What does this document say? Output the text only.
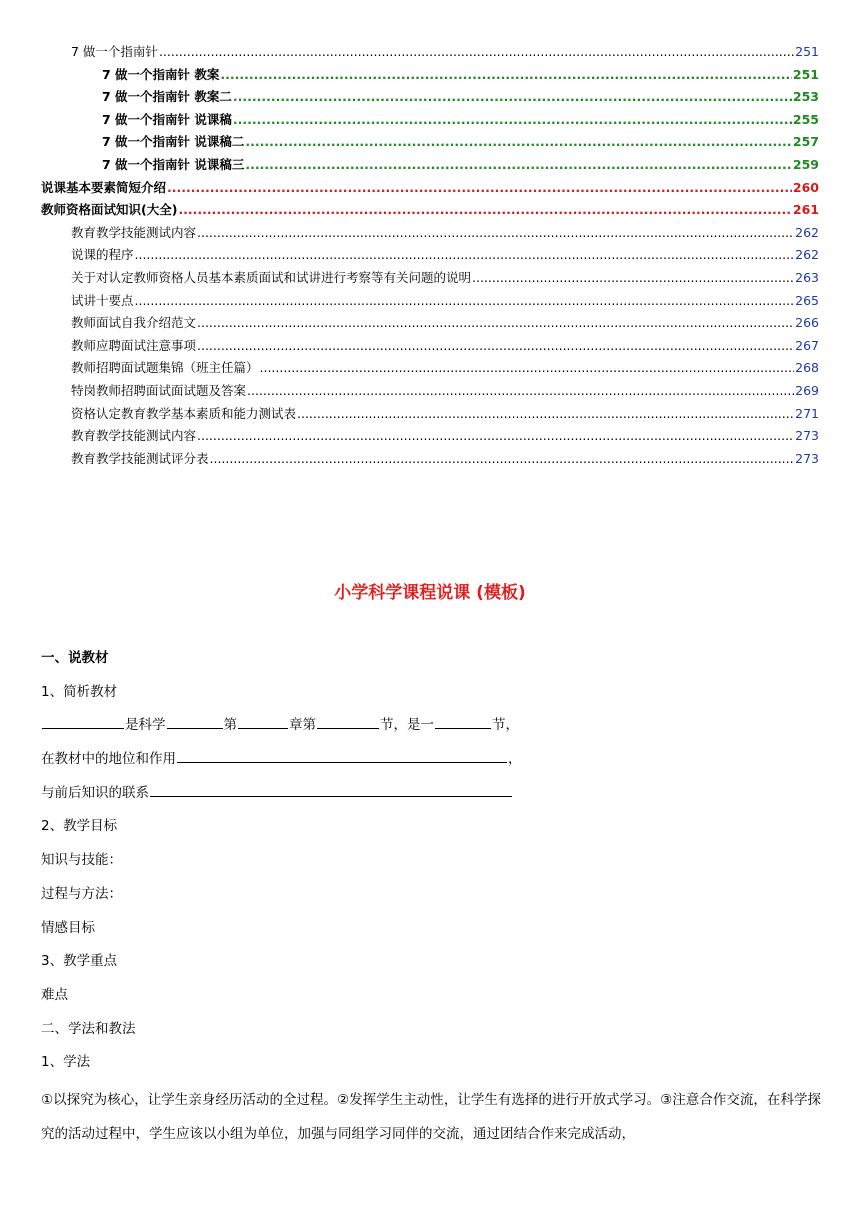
7 做一个指南针 .....	251
7 做一个指南针 教案 .....	251
7 做一个指南针 教案二 .....	253
7 做一个指南针 说课稿 .....	255
7 做一个指南针 说课稿二 .....	257
7 做一个指南针 说课稿三 .....	259
说课基本要素简短介绍 .....	260
教师资格面试知识(大全) .....	261
教育教学技能测试内容 .....	262
说课的程序 .....	262
关于对认定教师资格人员基本素质面试和试讲进行考察等有关问题的说明 .....	263
试讲十要点 .....	265
教师面试自我介绍范文 .....	266
教师应聘面试注意事项 .....	267
教师招聘面试题集锦（班主任篇） .....	268
特岗教师招聘面试面试题及答案 .....	269
资格认定教育教学基本素质和能力测试表 .....	271
教育教学技能测试内容 .....	273
教育教学技能测试评分表 .....	273
小学科学课程说课 (模板)
一、说教材
1、简析教材
是科学	第	章第	节，是一	节，
在教材中的地位和作用	，
与前后知识的联系
2、教学目标
知识与技能：
过程与方法：
情感目标
3、教学重点
难点
二、学法和教法
1、学法
①以探究为核心，让学生亲身经历活动的全过程。②发挥学生主动性，让学生有选择的进行开放式学习。③注意合作交流，在科学探究的活动过程中，学生应该以小组为单位，加强与同组学习同伴的交流，通过团结合作来完成活动，
